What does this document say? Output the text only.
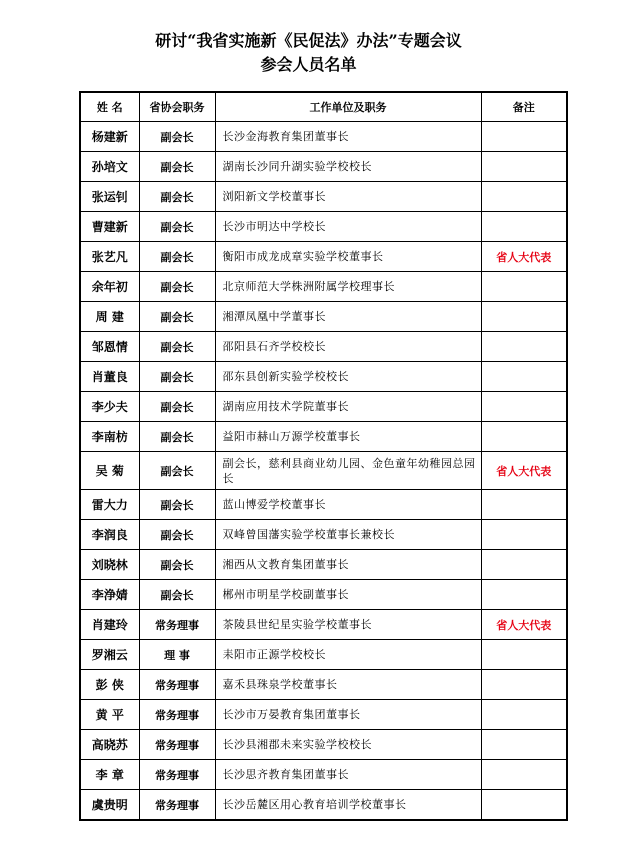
研讨“我省实施新《民促法》办法”专题会议
参会人员名单
姓 名	省协会职务	工作单位及职务	备注
杨建新	副会长	长沙金海教育集团董事长	
孙培文	副会长	湖南长沙同升湖实验学校校长	
张运钊	副会长	浏阳新文学校董事长	
曹建新	副会长	长沙市明达中学校长	
张艺凡	副会长	衡阳市成龙成章实验学校董事长	省人大代表
余年初	副会长	北京师范大学株洲附属学校理事长	
周 建	副会长	湘潭凤凰中学董事长	
邹恩情	副会长	邵阳县石齐学校校长	
肖董良	副会长	邵东县创新实验学校校长	
李少夫	副会长	湖南应用技术学院董事长	
李南枋	副会长	益阳市赫山万源学校董事长	
吴 菊	副会长	副会长，慈利县商业幼儿园、金色童年幼稚园总园长	省人大代表
雷大力	副会长	蓝山博爱学校董事长	
李润良	副会长	双峰曾国藩实验学校董事长兼校长	
刘晓林	副会长	湘西从文教育集团董事长	
李浄婧	副会长	郴州市明星学校副董事长	
肖建玲	常务理事	茶陵县世纪星实验学校董事长	省人大代表
罗湘云	理 事	耒阳市正源学校校长	
彭 侠	常务理事	嘉禾县珠泉学校董事长	
黄 平	常务理事	长沙市万晏教育集团董事长	
高晓苏	常务理事	长沙县湘郡未来实验学校校长	
李 章	常务理事	长沙思齐教育集团董事长	
虞贵明	常务理事	长沙岳麓区用心教育培训学校董事长	
